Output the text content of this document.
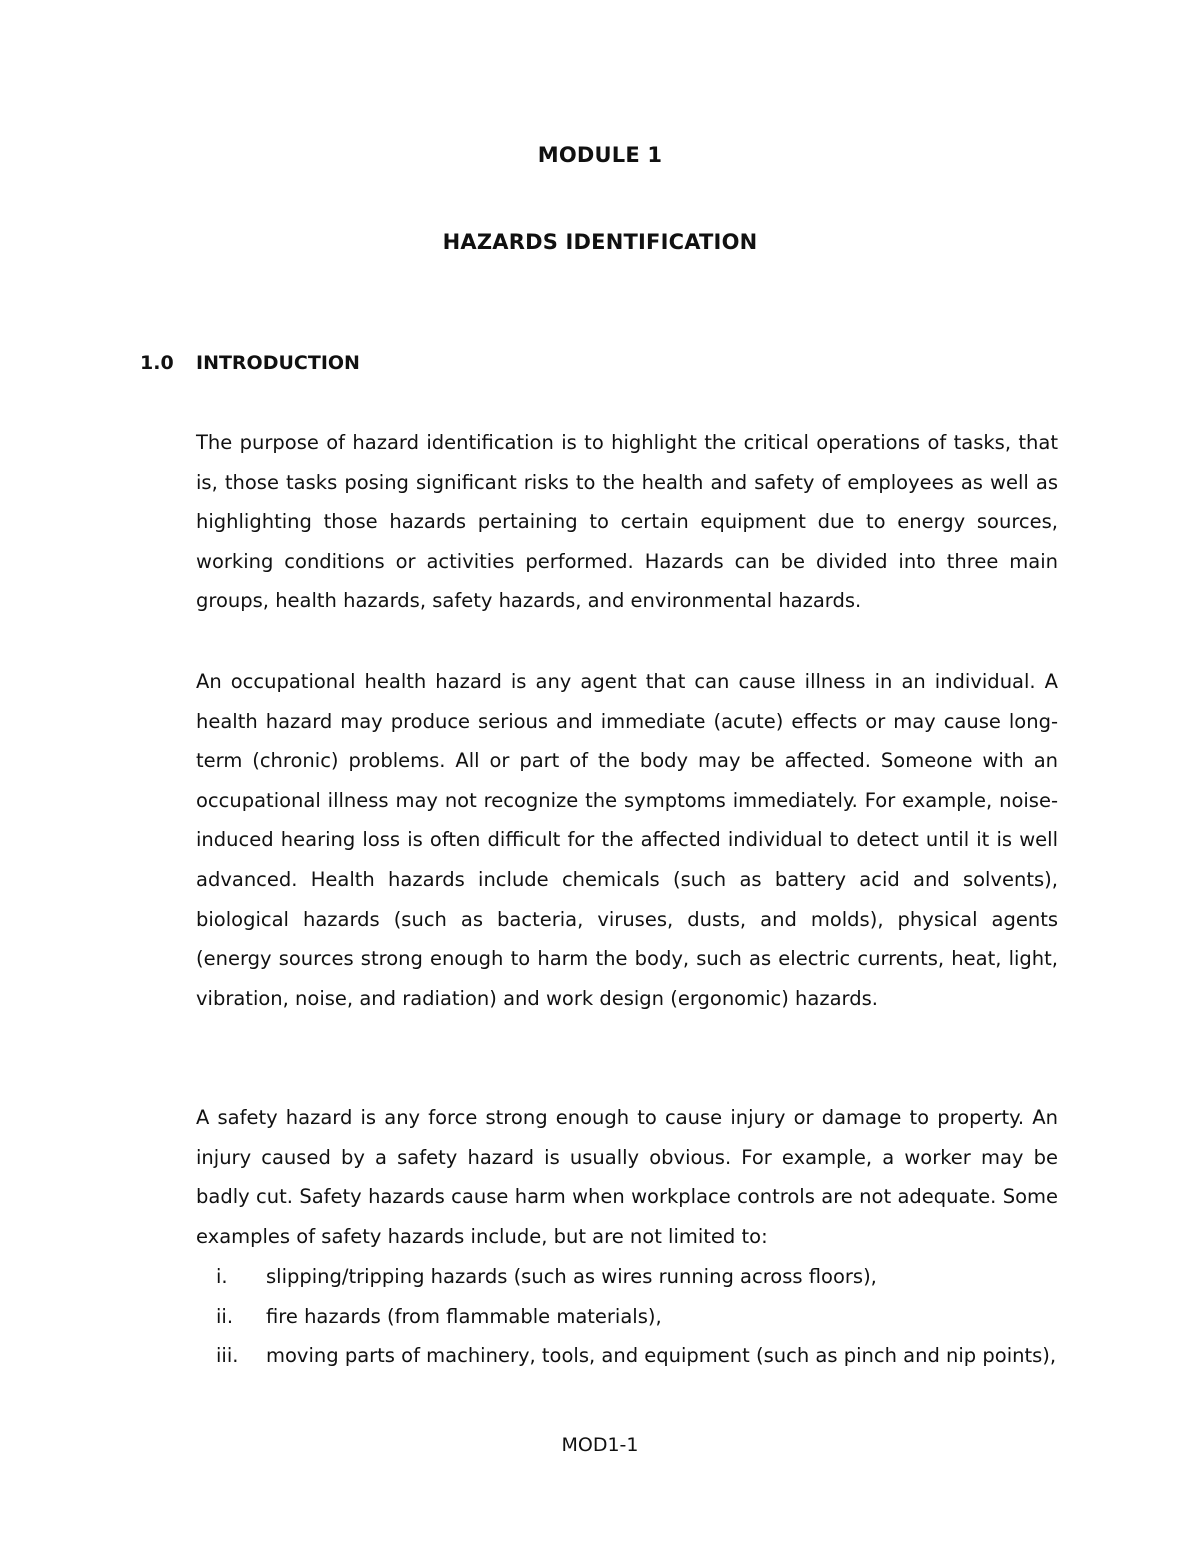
MODULE 1
HAZARDS IDENTIFICATION
1.0 INTRODUCTION

The purpose of hazard identification is to highlight the critical operations of tasks, that is, those tasks posing significant risks to the health and safety of employees as well as highlighting those hazards pertaining to certain equipment due to energy sources, working conditions or activities performed. Hazards can be divided into three main groups, health hazards, safety hazards, and environmental hazards.

An occupational health hazard is any agent that can cause illness in an individual. A health hazard may produce serious and immediate (acute) effects or may cause long-term (chronic) problems. All or part of the body may be affected. Someone with an occupational illness may not recognize the symptoms immediately. For example, noise-induced hearing loss is often difficult for the affected individual to detect until it is well advanced. Health hazards include chemicals (such as battery acid and solvents), biological hazards (such as bacteria, viruses, dusts, and molds), physical agents (energy sources strong enough to harm the body, such as electric currents, heat, light, vibration, noise, and radiation) and work design (ergonomic) hazards.

A safety hazard is any force strong enough to cause injury or damage to property. An injury caused by a safety hazard is usually obvious. For example, a worker may be badly cut. Safety hazards cause harm when workplace controls are not adequate. Some examples of safety hazards include, but are not limited to:

i.	slipping/tripping hazards (such as wires running across floors),
ii.	fire hazards (from flammable materials),
iii.	moving parts of machinery, tools, and equipment (such as pinch and nip points),

MOD1-1
